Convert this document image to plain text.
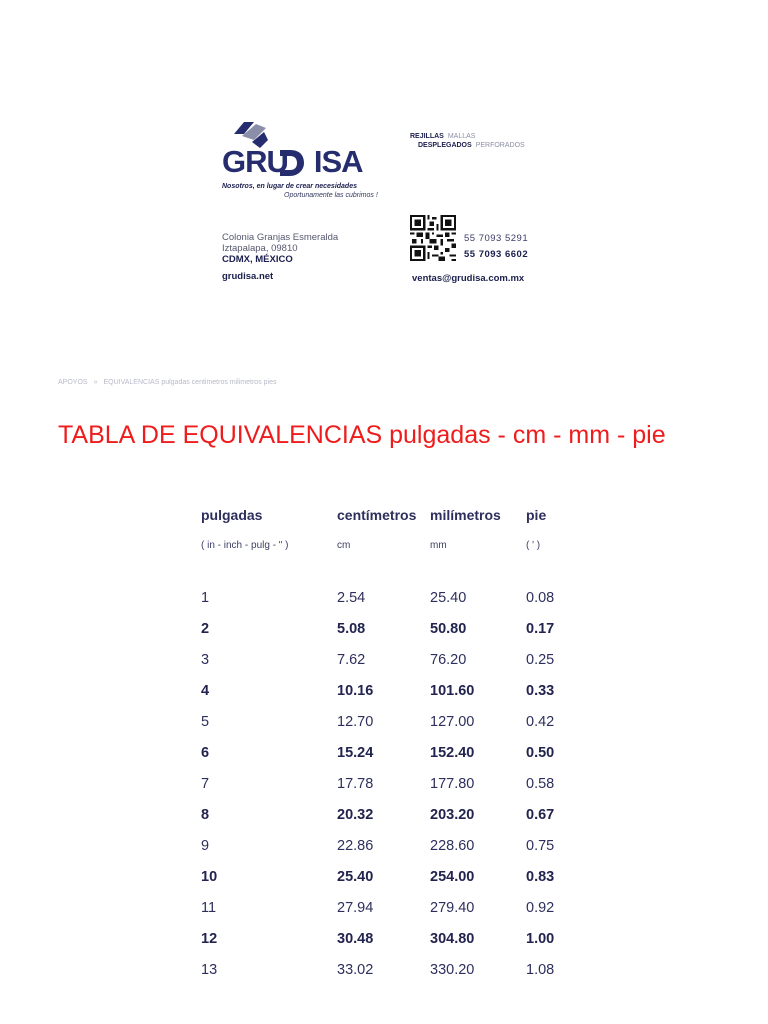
GRU ISA
Nosotros, en lugar de crear necesidades
Oportunamente las cubrimos !
REJILLAS MALLAS
DESPLEGADOS PERFORADOS
Colonia Granjas Esmeralda
Iztapalapa, 09810
CDMX, MÉXICO
grudisa.net
55 7093 5291
55 7093 6602
ventas@grudisa.com.mx
APOYOS » EQUIVALENCIAS pulgadas centimetros milimetros pies
TABLA DE EQUIVALENCIAS pulgadas - cm - mm - pie
pulgadas	centímetros milímetros pie
( in - inch - pulg - " )	cm	mm	( ' )
1	2.54	25.40	0.08
2	5.08	50.80	0.17
3	7.62	76.20	0.25
4	10.16	101.60	0.33
5	12.70	127.00	0.42
6	15.24	152.40	0.50
7	17.78	177.80	0.58
8	20.32	203.20	0.67
9	22.86	228.60	0.75
10	25.40	254.00	0.83
11	27.94	279.40	0.92
12	30.48	304.80	1.00
13	33.02	330.20	1.08
